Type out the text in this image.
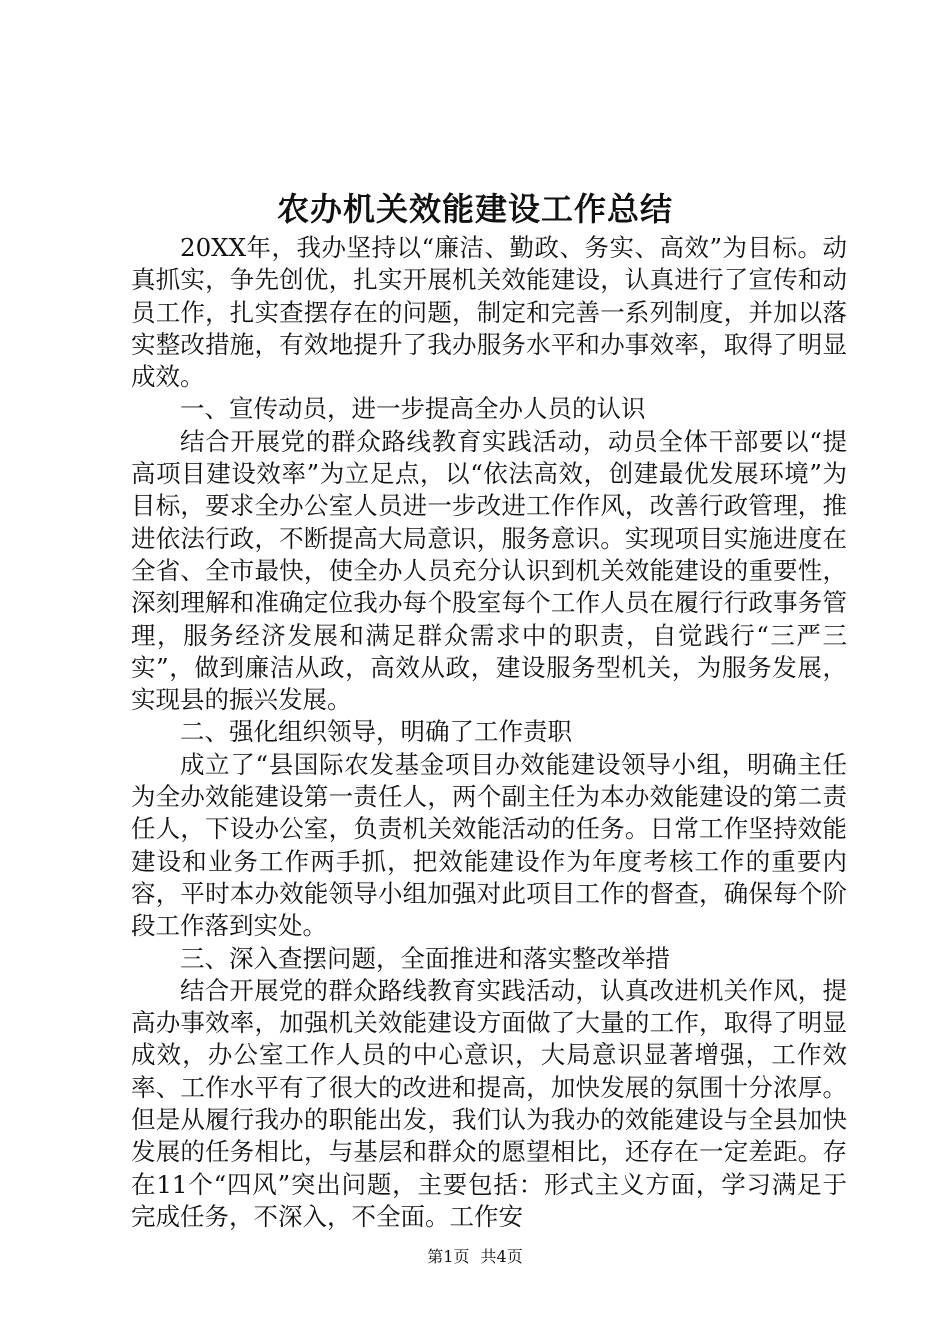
农办机关效能建设工作总结

20XX年，我办坚持以“廉洁、勤政、务实、高效”为目标。动真抓实，争先创优，扎实开展机关效能建设，认真进行了宣传和动员工作，扎实查摆存在的问题，制定和完善一系列制度，并加以落实整改措施，有效地提升了我办服务水平和办事效率，取得了明显成效。

一、宣传动员，进一步提高全办人员的认识

结合开展党的群众路线教育实践活动，动员全体干部要以“提高项目建设效率”为立足点，以“依法高效，创建最优发展环境”为目标，要求全办公室人员进一步改进工作作风，改善行政管理，推进依法行政，不断提高大局意识，服务意识。实现项目实施进度在全省、全市最快，使全办人员充分认识到机关效能建设的重要性，深刻理解和准确定位我办每个股室每个工作人员在履行行政事务管理，服务经济发展和满足群众需求中的职责，自觉践行“三严三实”，做到廉洁从政，高效从政，建设服务型机关，为服务发展，实现县的振兴发展。

二、强化组织领导，明确了工作责职

成立了“县国际农发基金项目办效能建设领导小组，明确主任为全办效能建设第一责任人，两个副主任为本办效能建设的第二责任人，下设办公室，负责机关效能活动的任务。日常工作坚持效能建设和业务工作两手抓，把效能建设作为年度考核工作的重要内容，平时本办效能领导小组加强对此项目工作的督查，确保每个阶段工作落到实处。

三、深入查摆问题，全面推进和落实整改举措

结合开展党的群众路线教育实践活动，认真改进机关作风，提高办事效率，加强机关效能建设方面做了大量的工作，取得了明显成效，办公室工作人员的中心意识，大局意识显著增强，工作效率、工作水平有了很大的改进和提高，加快发展的氛围十分浓厚。但是从履行我办的职能出发，我们认为我办的效能建设与全县加快发展的任务相比，与基层和群众的愿望相比，还存在一定差距。存在11个“四风”突出问题，主要包括：形式主义方面，学习满足于完成任务，不深入，不全面。工作安

第1页 共4页
